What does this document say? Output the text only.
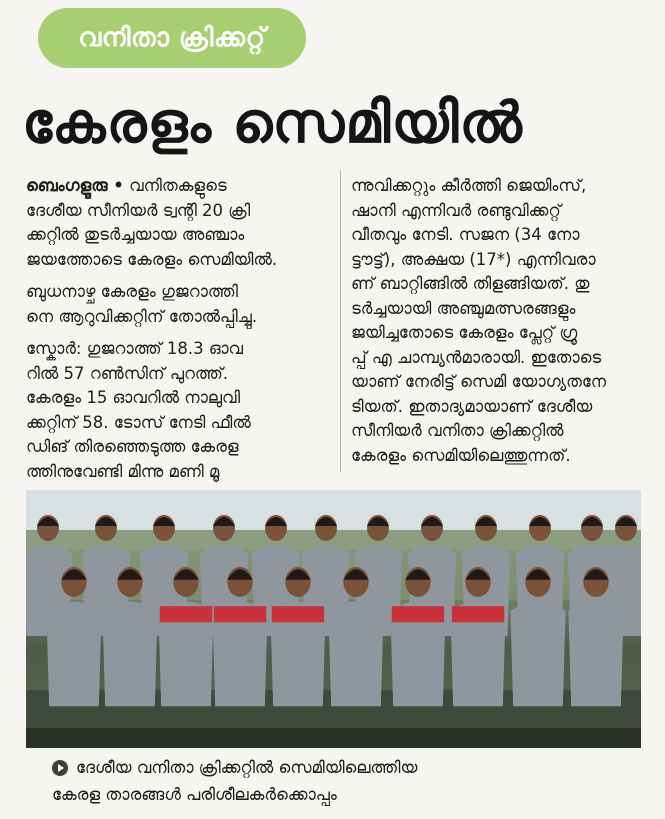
വനിതാ ക്രിക്കറ്റ്
കേരളം സെമിയിൽ
ബെംഗളൂരു • വനിതകളുടെ
ദേശീയ സീനിയർ ട്വന്റി 20 ക്രി
ക്കറ്റിൽ തുടർച്ചയായ അഞ്ചാം
ജയത്തോടെ കേരളം സെമിയിൽ.
ബുധനാഴ്ച കേരളം ഗുജറാത്തി
നെ ആറുവിക്കറ്റിന് തോൽപ്പിച്ചു.
സ്കോർ: ഗുജറാത്ത് 18.3 ഓവ
റിൽ 57 റൺസിന് പുറത്ത്.
കേരളം 15 ഓവറിൽ നാലുവി
ക്കറ്റിന് 58. ടോസ് നേടി ഫീൽ
ഡിങ് തിരഞ്ഞെടുത്ത കേരള
ത്തിനുവേണ്ടി മിന്നു മണി മൂ
ന്നുവിക്കറ്റും കീർത്തി ജെയിംസ്,
ഷാനി എന്നിവർ രണ്ടുവിക്കറ്റ്
വീതവും നേടി. സജന (34 നോ
ട്ടൗട്ട്), അക്ഷയ (17*) എന്നിവരാ
ണ് ബാറ്റിങ്ങിൽ തിളങ്ങിയത്. തു
ടർച്ചയായി അഞ്ചുമത്സരങ്ങളും
ജയിച്ചതോടെ കേരളം പ്ലേറ്റ് ഗ്രൂ
പ്പ് എ ചാമ്പ്യൻമാരായി. ഇതോടെ
യാണ് നേരിട്ട് സെമി യോഗ്യതനേ
ടിയത്. ഇതാദ്യമായാണ് ദേശീയ
സീനിയർ വനിതാ ക്രിക്കറ്റിൽ
കേരളം സെമിയിലെത്തുന്നത്.
ദേശീയ വനിതാ ക്രിക്കറ്റിൽ സെമിയിലെത്തിയ
കേരള താരങ്ങൾ പരിശീലകർക്കൊപ്പം
